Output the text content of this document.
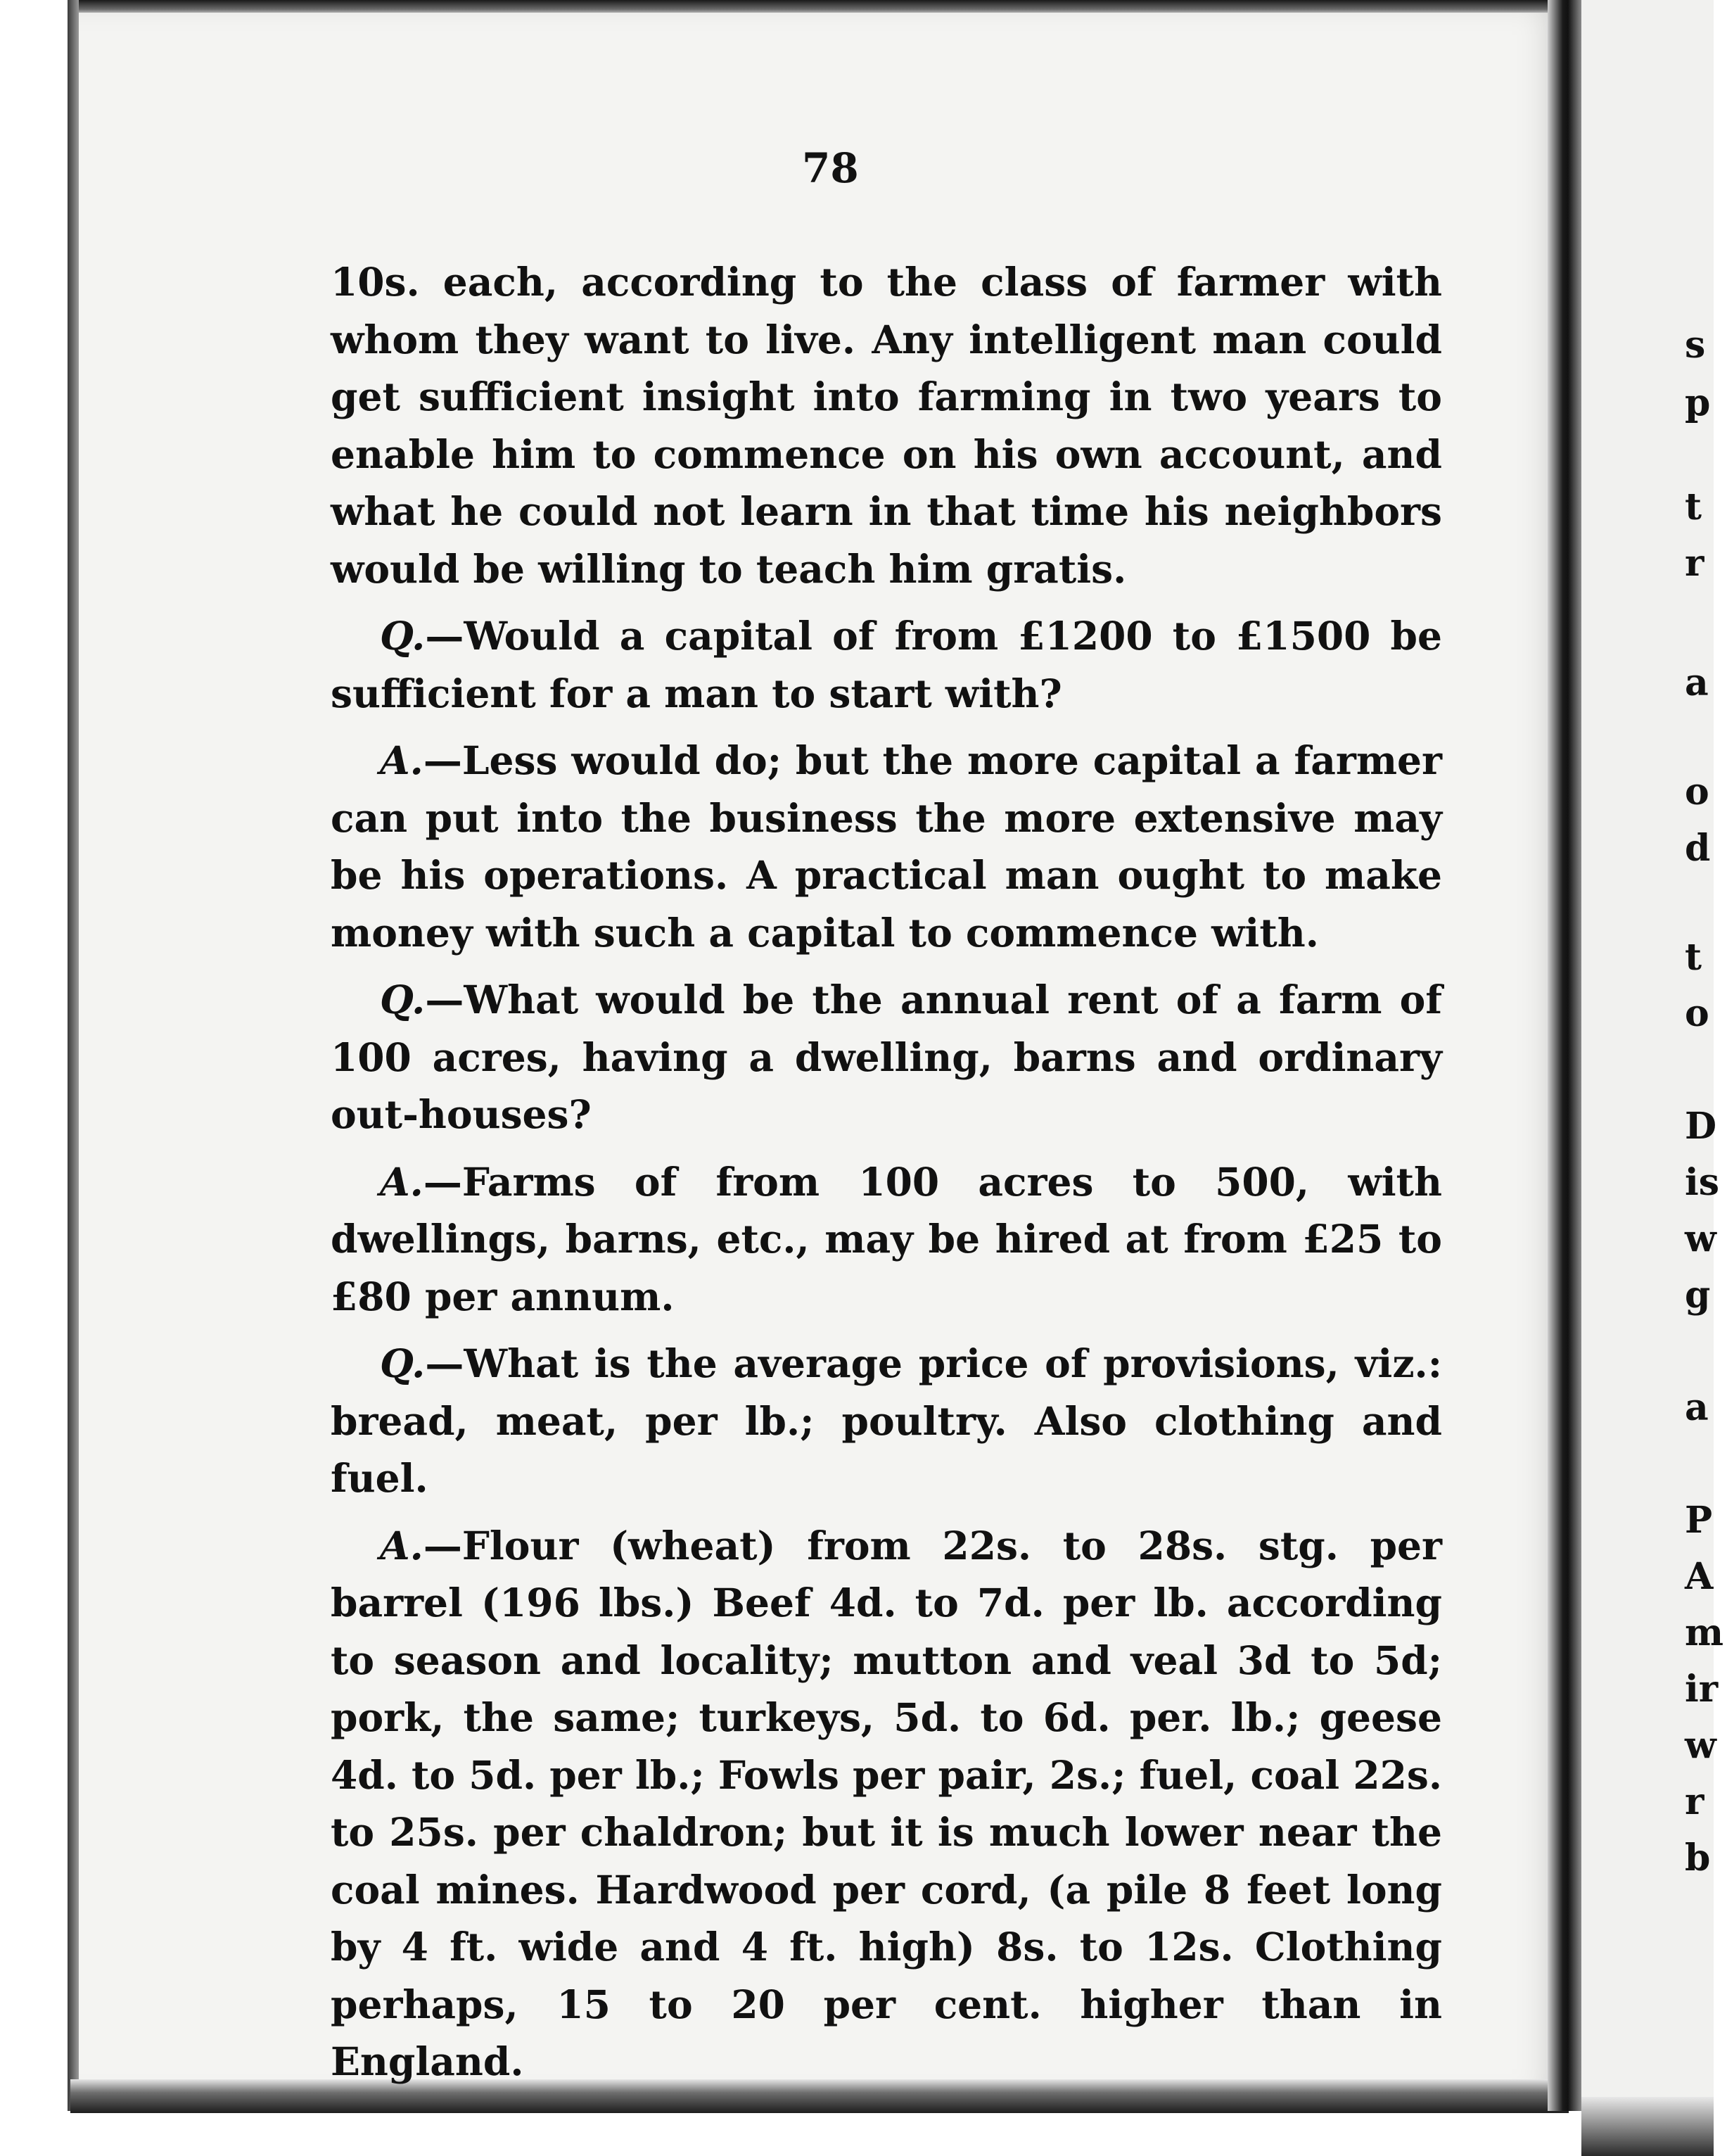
78

10s. each, according to the class of farmer with whom they want to live. Any intelligent man could get sufficient insight into farming in two years to enable him to commence on his own account, and what he could not learn in that time his neighbors would be willing to teach him gratis.

Q.—Would a capital of from £1200 to £1500 be sufficient for a man to start with?

A.—Less would do; but the more capital a farmer can put into the business the more extensive may be his operations. A practical man ought to make money with such a capital to commence with.

Q.—What would be the annual rent of a farm of 100 acres, having a dwelling, barns and ordinary out-houses?

A.—Farms of from 100 acres to 500, with dwellings, barns, etc., may be hired at from £25 to £80 per annum.

Q.—What is the average price of provisions, viz.: bread, meat, per lb.; poultry. Also clothing and fuel.

A.—Flour (wheat) from 22s. to 28s. stg. per barrel (196 lbs.) Beef 4d. to 7d. per lb. according to season and locality; mutton and veal 3d to 5d; pork, the same; turkeys, 5d. to 6d. per. lb.; geese 4d. to 5d. per lb.; Fowls per pair, 2s.; fuel, coal 22s. to 25s. per chaldron; but it is much lower near the coal mines. Hardwood per cord, (a pile 8 feet long by 4 ft. wide and 4 ft. high) 8s. to 12s. Clothing perhaps, 15 to 20 per cent. higher than in England.

s
p
t
r
a
o
d
t
o
D
is
w
g
a
P
A
m
ir
w
r
b
